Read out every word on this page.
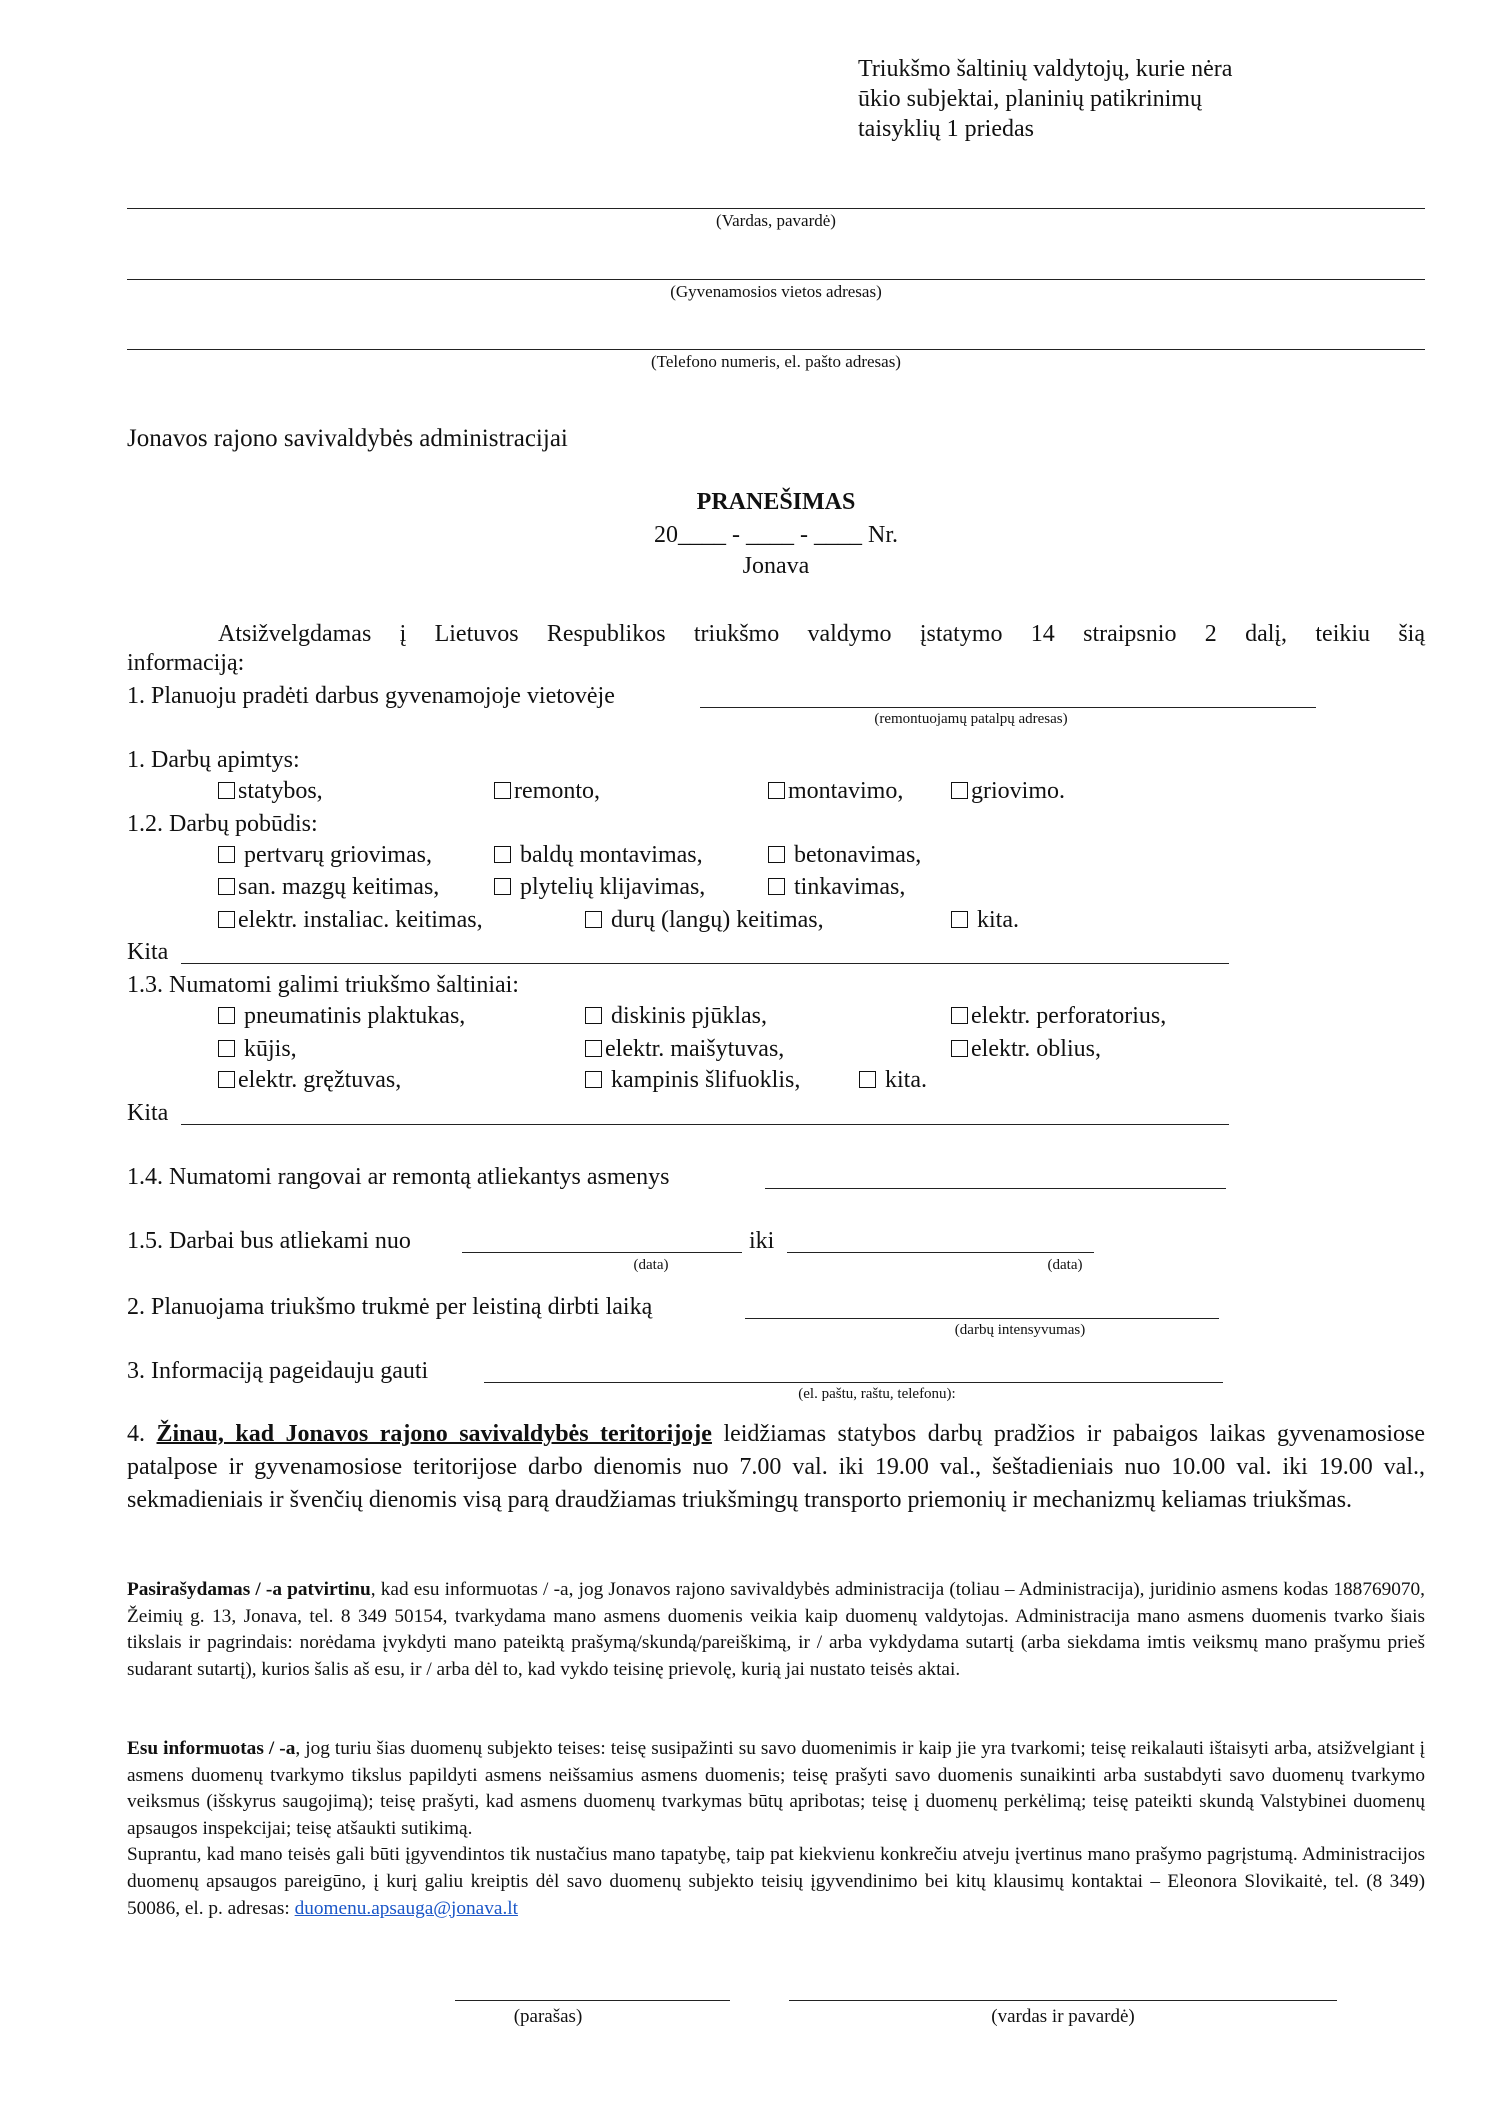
Triukšmo šaltinių valdytojų, kurie nėra
ūkio subjektai, planinių patikrinimų
taisyklių 1 priedas
(Vardas, pavardė)
(Gyvenamosios vietos adresas)
(Telefono numeris, el. pašto adresas)
Jonavos rajono savivaldybės administracijai
PRANEŠIMAS
20____ - ____ - ____ Nr.
Jonava
Atsižvelgdamas į Lietuvos Respublikos triukšmo valdymo įstatymo 14 straipsnio 2 dalį, teikiu šią
informaciją:
1. Planuoju pradėti darbus gyvenamojoje vietovėje
(remontuojamų patalpų adresas)
1. Darbų apimtys:
statybos,	remonto,	montavimo,	griovimo.
1.2. Darbų pobūdis:
pertvarų griovimas,	baldų montavimas,	betonavimas,
san. mazgų keitimas,	plytelių klijavimas,	tinkavimas,
elektr. instaliac. keitimas,	durų (langų) keitimas,	kita.
Kita
1.3. Numatomi galimi triukšmo šaltiniai:
pneumatinis plaktukas,	diskinis pjūklas,	elektr. perforatorius,
kūjis,	elektr. maišytuvas,	elektr. oblius,
elektr. gręžtuvas,	kampinis šlifuoklis,	kita.
Kita
1.4. Numatomi rangovai ar remontą atliekantys asmenys
1.5. Darbai bus atliekami nuo	iki
(data)	(data)
2. Planuojama triukšmo trukmė per leistiną dirbti laiką
(darbų intensyvumas)
3. Informaciją pageidauju gauti
(el. paštu, raštu, telefonu):
4. Žinau, kad Jonavos rajono savivaldybės teritorijoje leidžiamas statybos darbų pradžios ir pabaigos laikas gyvenamosiose patalpose ir gyvenamosiose teritorijose darbo dienomis nuo 7.00 val. iki 19.00 val., šeštadieniais nuo 10.00 val. iki 19.00 val., sekmadieniais ir švenčių dienomis visą parą draudžiamas triukšmingų transporto priemonių ir mechanizmų keliamas triukšmas.
Pasirašydamas / -a patvirtinu, kad esu informuotas / -a, jog Jonavos rajono savivaldybės administracija (toliau – Administracija), juridinio asmens kodas 188769070, Žeimių g. 13, Jonava, tel. 8 349 50154, tvarkydama mano asmens duomenis veikia kaip duomenų valdytojas. Administracija mano asmens duomenis tvarko šiais tikslais ir pagrindais: norėdama įvykdyti mano pateiktą prašymą/skundą/pareiškimą, ir / arba vykdydama sutartį (arba siekdama imtis veiksmų mano prašymu prieš sudarant sutartį), kurios šalis aš esu, ir / arba dėl to, kad vykdo teisinę prievolę, kurią jai nustato teisės aktai.
Esu informuotas / -a, jog turiu šias duomenų subjekto teises: teisę susipažinti su savo duomenimis ir kaip jie yra tvarkomi; teisę reikalauti ištaisyti arba, atsižvelgiant į asmens duomenų tvarkymo tikslus papildyti asmens neišsamius asmens duomenis; teisę prašyti savo duomenis sunaikinti arba sustabdyti savo duomenų tvarkymo veiksmus (išskyrus saugojimą); teisę prašyti, kad asmens duomenų tvarkymas būtų apribotas; teisę į duomenų perkėlimą; teisę pateikti skundą Valstybinei duomenų apsaugos inspekcijai; teisę atšaukti sutikimą.
Suprantu, kad mano teisės gali būti įgyvendintos tik nustačius mano tapatybę, taip pat kiekvienu konkrečiu atveju įvertinus mano prašymo pagrįstumą. Administracijos duomenų apsaugos pareigūno, į kurį galiu kreiptis dėl savo duomenų subjekto teisių įgyvendinimo bei kitų klausimų kontaktai – Eleonora Slovikaitė, tel. (8 349) 50086, el. p. adresas: duomenu.apsauga@jonava.lt
(parašas)	(vardas ir pavardė)
